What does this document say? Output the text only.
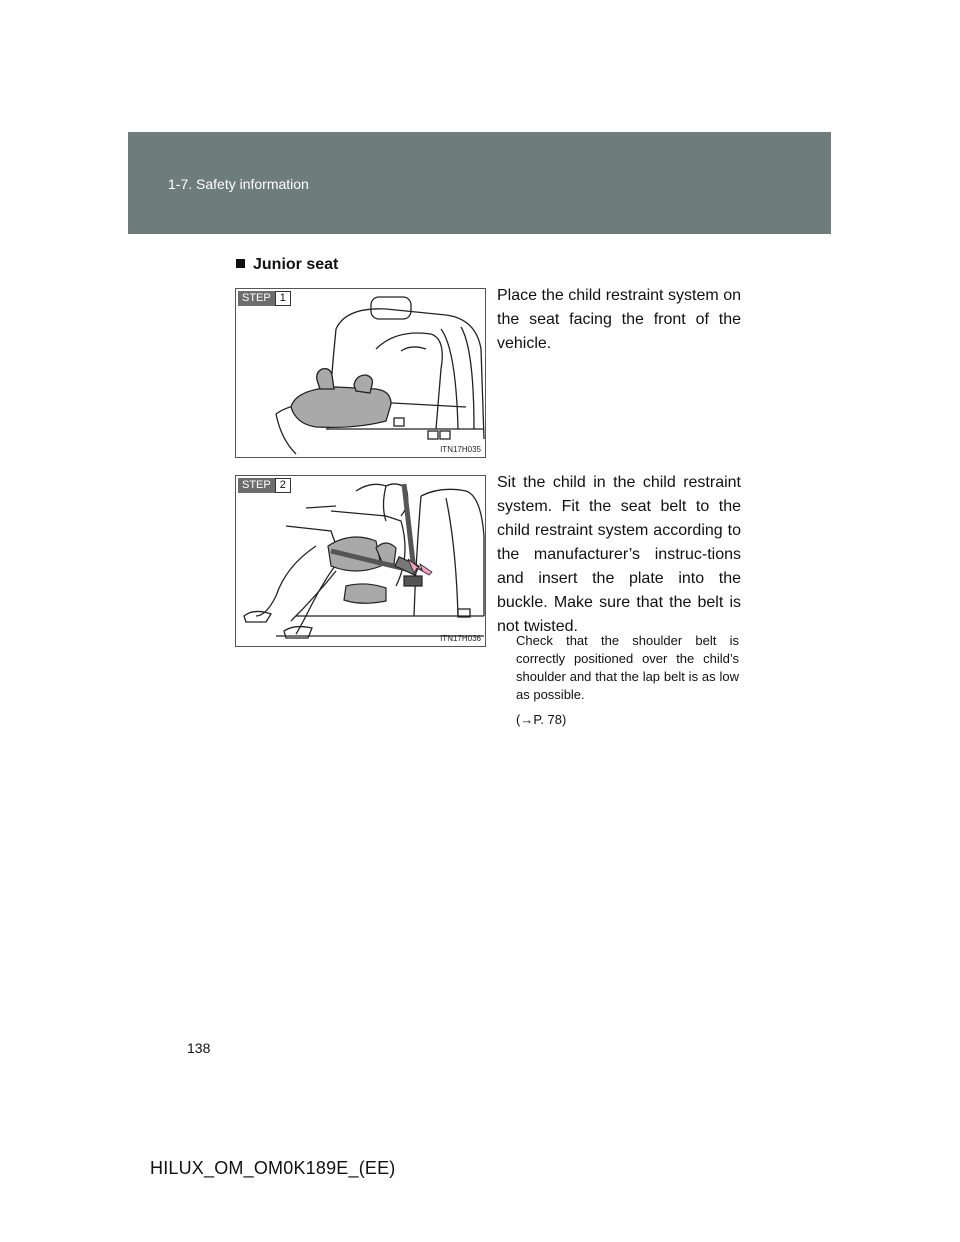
1-7. Safety information
Junior seat
STEP 1
ITN17H035
Place the child restraint system on the seat facing the front of the vehicle.
STEP 2
ITN17H036
Sit the child in the child restraint system. Fit the seat belt to the child restraint system according to the manufacturer’s instruc-tions and insert the plate into the buckle. Make sure that the belt is not twisted.
Check that the shoulder belt is correctly positioned over the child’s shoulder and that the lap belt is as low as possible.
(→P. 78)
138
HILUX_OM_OM0K189E_(EE)
